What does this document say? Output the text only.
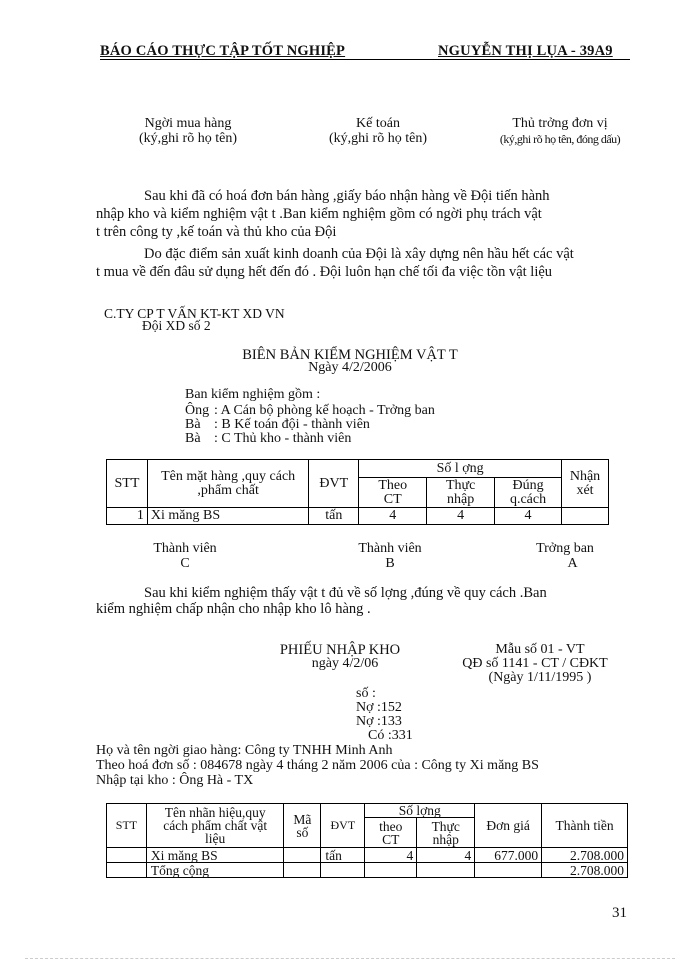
BÁO CÁO THỰC TẬP TỐT NGHIỆP	NGUYỄN THỊ LỤA - 39A9
Ngời mua hàng
(ký,ghi rõ họ tên)
Kế toán
(ký,ghi rõ họ tên)
Thủ trởng đơn vị
(ký,ghi rõ họ tên, đóng dấu)
Sau khi đã có hoá đơn bán hàng ,giấy báo nhận hàng về Đội tiến hành
nhập kho và kiểm nghiệm vật t .Ban kiểm nghiệm gồm có ngời phụ trách vật
t trên công ty ,kế toán và thủ kho của Đội
Do đặc điểm sản xuất kinh doanh của Đội là xây dựng nên hầu hết các vật
t mua về đến đâu sử dụng hết đến đó . Đội luôn hạn chế tối đa việc tồn vật liệu
C.TY CP T VẤN KT-KT XD VN
Đội XD số 2
BIÊN BẢN KIỂM NGHIỆM VẬT T
Ngày 4/2/2006
Ban kiểm nghiệm gồm :
Ông : A Cán bộ phòng kế hoạch - Trởng ban
Bà : B Kế toán đội - thành viên
Bà : C Thủ kho - thành viên
STT	Tên mặt hàng ,quy cách ,phẩm chất	ĐVT	Số l ợng			Nhận xét
			Theo CT	Thực nhập	Đúng q.cách	
1	Xi măng BS	tấn	4	4	4	
Thành viên
C
Thành viên
B
Trởng ban
A
Sau khi kiểm nghiệm thấy vật t đủ về số lợng ,đúng về quy cách .Ban
kiểm nghiệm chấp nhận cho nhập kho lô hàng .
PHIẾU NHẬP KHO
ngày 4/2/06
Mẫu số 01 - VT
QĐ số 1141 - CT / CĐKT
(Ngày 1/11/1995 )
số :
Nợ :152
Nợ :133
Có :331
Họ và tên ngời giao hàng: Công ty TNHH Minh Anh
Theo hoá đơn số : 084678 ngày 4 tháng 2 năm 2006 của : Công ty Xi măng BS
Nhập tại kho : Ông Hà - TX
STT	Tên nhãn hiệu,quy cách phẩm chất vật liệu	Mã số	ĐVT	Số lợng		Đơn giá	Thành tiền
				theo CT	Thực nhập		
	Xi măng BS		tấn	4	4	677.000	2.708.000
	Tổng cộng						2.708.000
31
